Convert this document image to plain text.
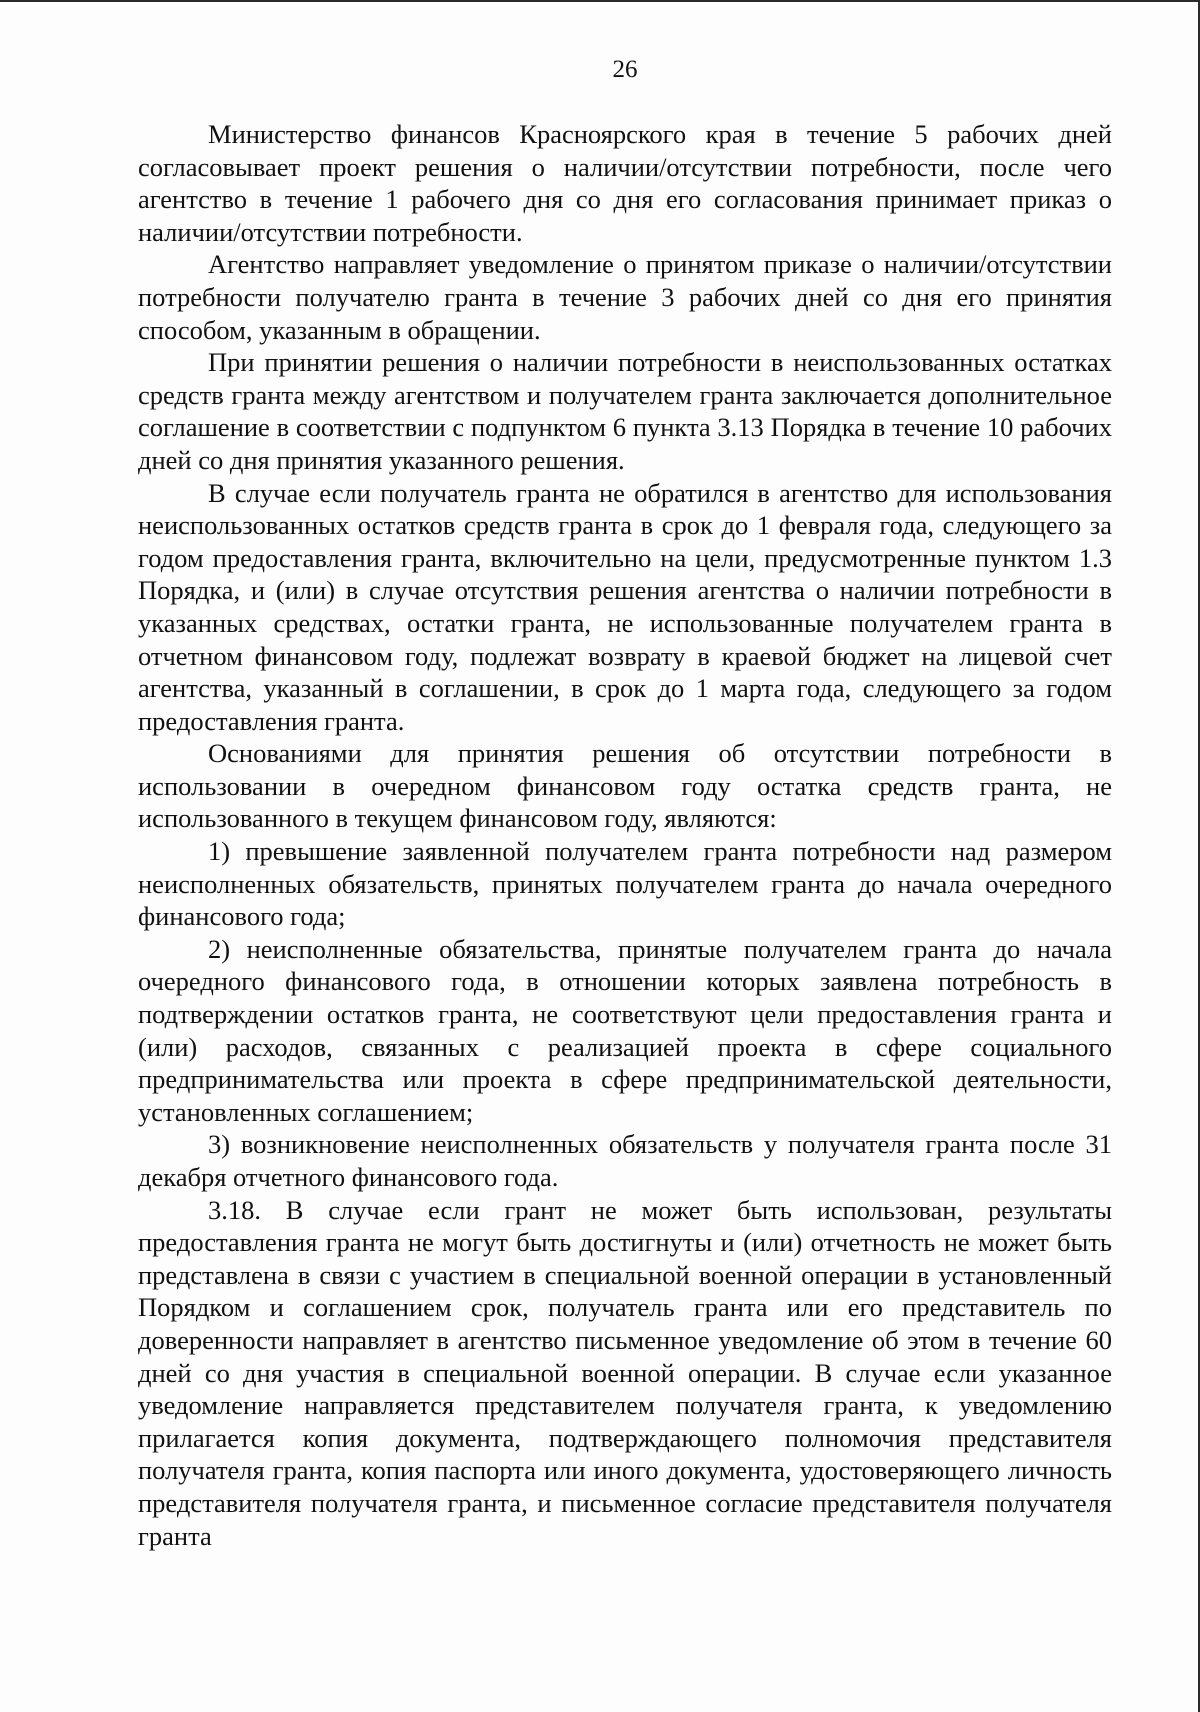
26

Министерство финансов Красноярского края в течение 5 рабочих дней согласовывает проект решения о наличии/отсутствии потребности, после чего агентство в течение 1 рабочего дня со дня его согласования принимает приказ о наличии/отсутствии потребности.

Агентство направляет уведомление о принятом приказе о наличии/отсутствии потребности получателю гранта в течение 3 рабочих дней со дня его принятия способом, указанным в обращении.

При принятии решения о наличии потребности в неиспользованных остатках средств гранта между агентством и получателем гранта заключается дополнительное соглашение в соответствии с подпунктом 6 пункта 3.13 Порядка в течение 10 рабочих дней со дня принятия указанного решения.

В случае если получатель гранта не обратился в агентство для использования неиспользованных остатков средств гранта в срок до 1 февраля года, следующего за годом предоставления гранта, включительно на цели, предусмотренные пунктом 1.3 Порядка, и (или) в случае отсутствия решения агентства о наличии потребности в указанных средствах, остатки гранта, не использованные получателем гранта в отчетном финансовом году, подлежат возврату в краевой бюджет на лицевой счет агентства, указанный в соглашении, в срок до 1 марта года, следующего за годом предоставления гранта.

Основаниями для принятия решения об отсутствии потребности в использовании в очередном финансовом году остатка средств гранта, не использованного в текущем финансовом году, являются:

1) превышение заявленной получателем гранта потребности над размером неисполненных обязательств, принятых получателем гранта до начала очередного финансового года;

2) неисполненные обязательства, принятые получателем гранта до начала очередного финансового года, в отношении которых заявлена потребность в подтверждении остатков гранта, не соответствуют цели предоставления гранта и (или) расходов, связанных с реализацией проекта в сфере социального предпринимательства или проекта в сфере предпринимательской деятельности, установленных соглашением;

3) возникновение неисполненных обязательств у получателя гранта после 31 декабря отчетного финансового года.

3.18. В случае если грант не может быть использован, результаты предоставления гранта не могут быть достигнуты и (или) отчетность не может быть представлена в связи с участием в специальной военной операции в установленный Порядком и соглашением срок, получатель гранта или его представитель по доверенности направляет в агентство письменное уведомление об этом в течение 60 дней со дня участия в специальной военной операции. В случае если указанное уведомление направляется представителем получателя гранта, к уведомлению прилагается копия документа, подтверждающего полномочия представителя получателя гранта, копия паспорта или иного документа, удостоверяющего личность представителя получателя гранта, и письменное согласие представителя получателя гранта
